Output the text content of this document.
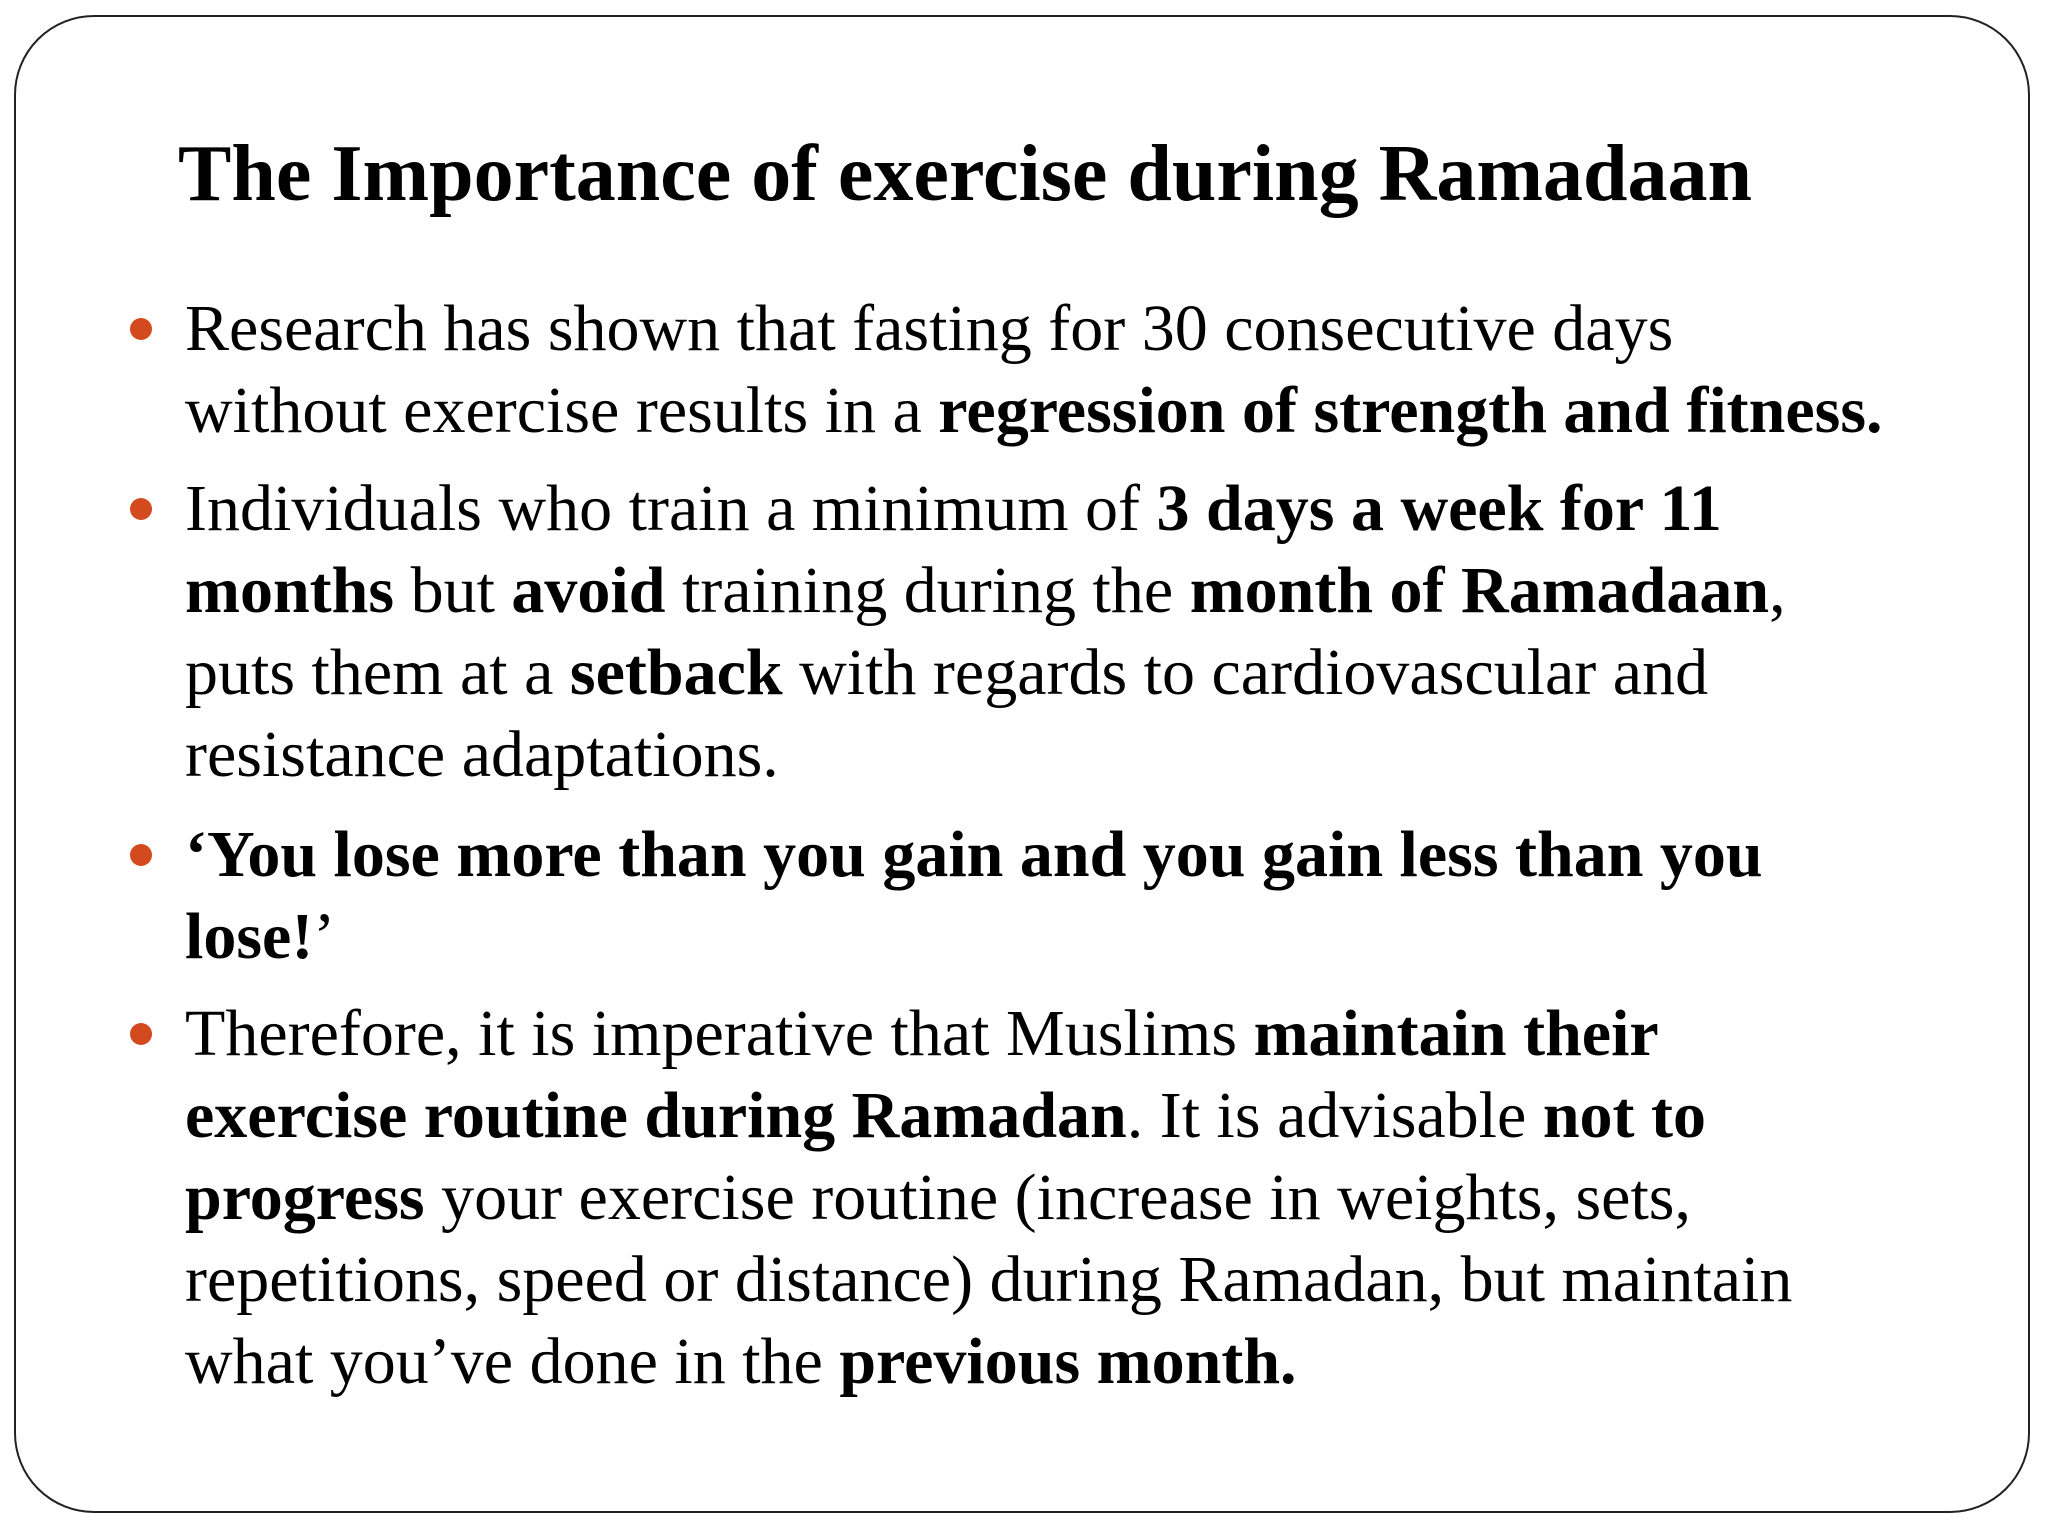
The Importance of exercise during Ramadaan
Research has shown that fasting for 30 consecutive days
without exercise results in a regression of strength and fitness.
Individuals who train a minimum of 3 days a week for 11
months but avoid training during the month of Ramadaan,
puts them at a setback with regards to cardiovascular and
resistance adaptations.
‘You lose more than you gain and you gain less than you
lose!’
Therefore, it is imperative that Muslims maintain their
exercise routine during Ramadan. It is advisable not to
progress your exercise routine (increase in weights, sets,
repetitions, speed or distance) during Ramadan, but maintain
what you’ve done in the previous month.
